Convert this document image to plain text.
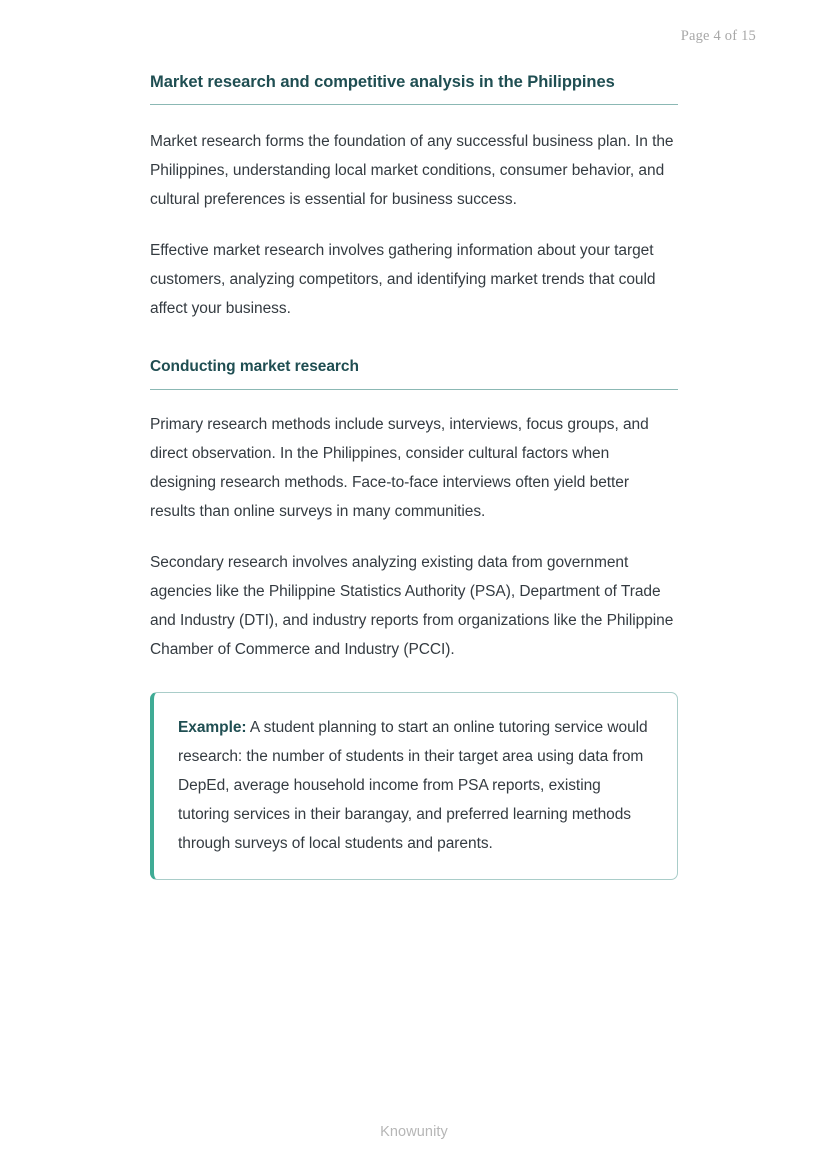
Page 4 of 15
Market research and competitive analysis in the Philippines

Market research forms the foundation of any successful business plan. In the Philippines, understanding local market conditions, consumer behavior, and cultural preferences is essential for business success.

Effective market research involves gathering information about your target customers, analyzing competitors, and identifying market trends that could affect your business.

Conducting market research

Primary research methods include surveys, interviews, focus groups, and direct observation. In the Philippines, consider cultural factors when designing research methods. Face-to-face interviews often yield better results than online surveys in many communities.

Secondary research involves analyzing existing data from government agencies like the Philippine Statistics Authority (PSA), Department of Trade and Industry (DTI), and industry reports from organizations like the Philippine Chamber of Commerce and Industry (PCCI).

Example: A student planning to start an online tutoring service would research: the number of students in their target area using data from DepEd, average household income from PSA reports, existing tutoring services in their barangay, and preferred learning methods through surveys of local students and parents.

Knowunity
